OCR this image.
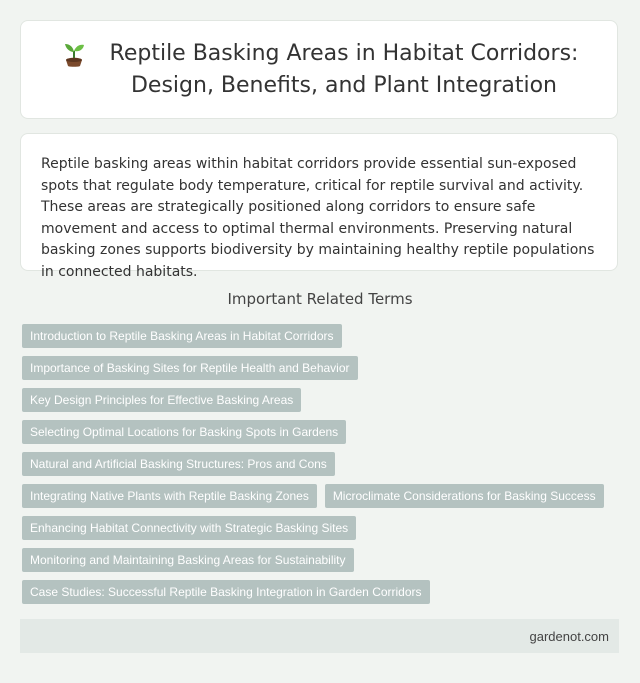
Reptile Basking Areas in Habitat Corridors:
Design, Benefits, and Plant Integration

Reptile basking areas within habitat corridors provide essential sun-exposed spots that regulate body temperature, critical for reptile survival and activity. These areas are strategically positioned along corridors to ensure safe movement and access to optimal thermal environments. Preserving natural basking zones supports biodiversity by maintaining healthy reptile populations in connected habitats.

Important Related Terms
Introduction to Reptile Basking Areas in Habitat Corridors
Importance of Basking Sites for Reptile Health and Behavior
Key Design Principles for Effective Basking Areas
Selecting Optimal Locations for Basking Spots in Gardens
Natural and Artificial Basking Structures: Pros and Cons
Integrating Native Plants with Reptile Basking Zones	Microclimate Considerations for Basking Success
Enhancing Habitat Connectivity with Strategic Basking Sites
Monitoring and Maintaining Basking Areas for Sustainability
Case Studies: Successful Reptile Basking Integration in Garden Corridors
gardenot.com
